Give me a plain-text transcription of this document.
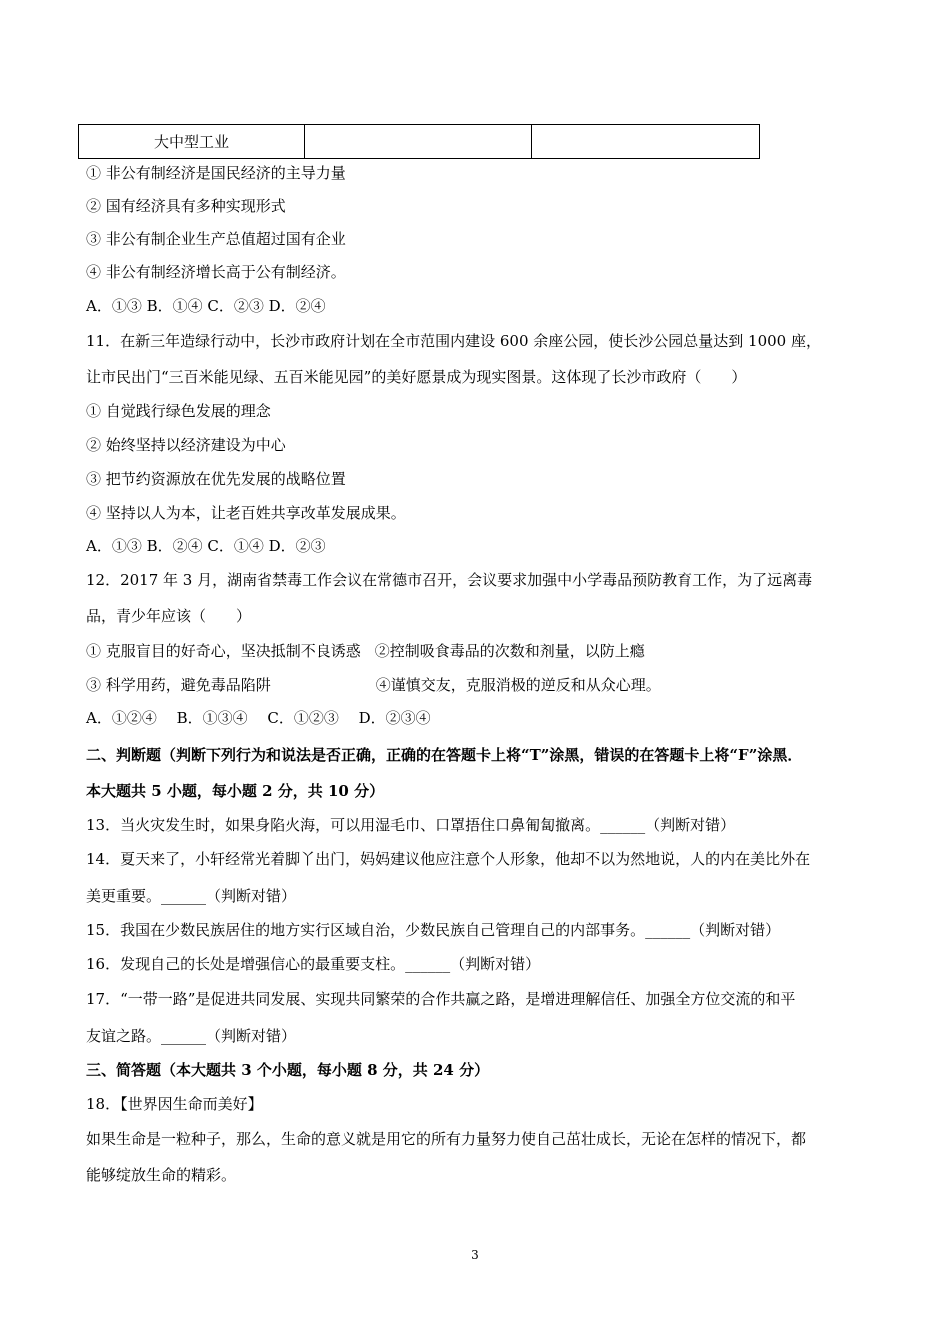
大中型工业		
① 非公有制经济是国民经济的主导力量
② 国有经济具有多种实现形式
③ 非公有制企业生产总值超过国有企业
④ 非公有制经济增长高于公有制经济。
A．①③ B．①④ C．②③ D．②④
11．在新三年造绿行动中，长沙市政府计划在全市范围内建设 600 余座公园，使长沙公园总量达到 1000 座，
让市民出门“三百米能见绿、五百米能见园”的美好愿景成为现实图景。这体现了长沙市政府（　　）
① 自觉践行绿色发展的理念
② 始终坚持以经济建设为中心
③ 把节约资源放在优先发展的战略位置
④ 坚持以人为本，让老百姓共享改革发展成果。
A．①③ B．②④ C．①④ D．②③
12．2017 年 3 月，湖南省禁毒工作会议在常德市召开，会议要求加强中小学毒品预防教育工作，为了远离毒
品，青少年应该（　　）
① 克服盲目的好奇心，坚决抵制不良诱惑 ②控制吸食毒品的次数和剂量，以防上瘾
③ 科学用药，避免毒品陷阱	④谨慎交友，克服消极的逆反和从众心理。
A．①②④　 B．①③④　 C．①②③　 D．②③④
二、判断题（判断下列行为和说法是否正确，正确的在答题卡上将“T”涂黑，错误的在答题卡上将“F”涂黑．
本大题共 5 小题，每小题 2 分，共 10 分）
13．当火灾发生时，如果身陷火海，可以用湿毛巾、口罩捂住口鼻匍匐撤离。______（判断对错）
14．夏天来了，小轩经常光着脚丫出门，妈妈建议他应注意个人形象，他却不以为然地说，人的内在美比外在
美更重要。______（判断对错）
15．我国在少数民族居住的地方实行区域自治，少数民族自己管理自己的内部事务。______（判断对错）
16．发现自己的长处是增强信心的最重要支柱。______（判断对错）
17．“一带一路”是促进共同发展、实现共同繁荣的合作共赢之路，是增进理解信任、加强全方位交流的和平
友谊之路。______（判断对错）
三、简答题（本大题共 3 个小题，每小题 8 分，共 24 分）
18．【世界因生命而美好】
如果生命是一粒种子，那么，生命的意义就是用它的所有力量努力使自己茁壮成长，无论在怎样的情况下，都
能够绽放生命的精彩。
3
